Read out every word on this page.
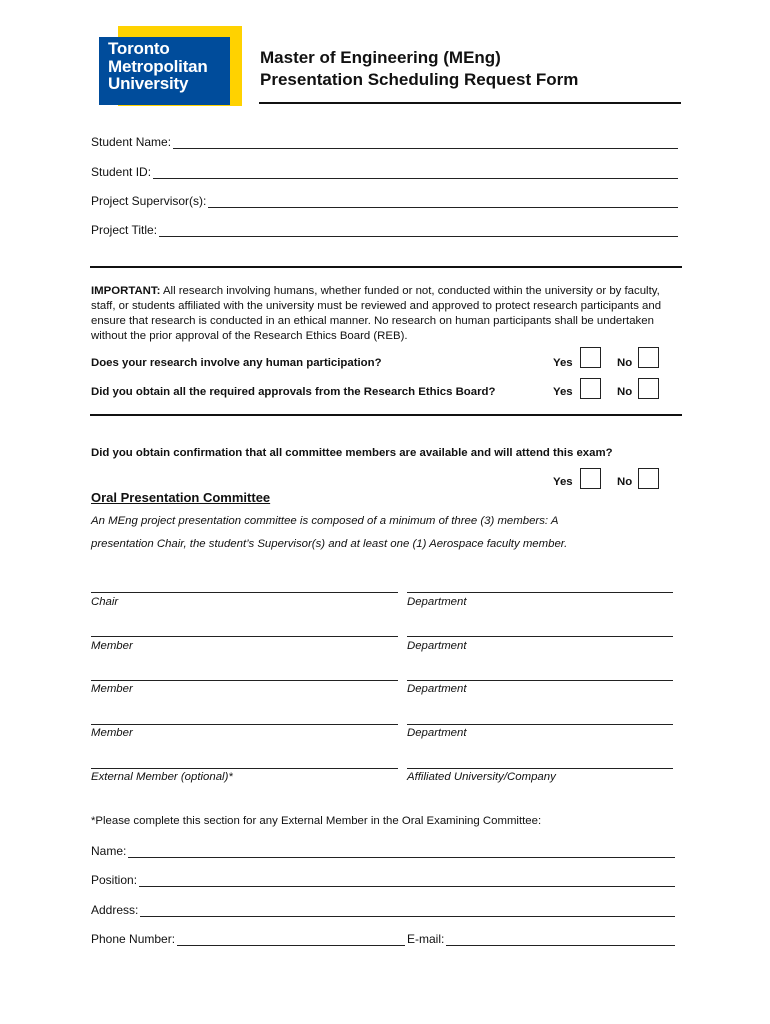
Toronto
Metropolitan
University
Master of Engineering (MEng)
Presentation Scheduling Request Form
Student Name:
Student ID:
Project Supervisor(s):
Project Title:
IMPORTANT: All research involving humans, whether funded or not, conducted within the university or by faculty, staff, or students affiliated with the university must be reviewed and approved to protect research participants and ensure that research is conducted in an ethical manner. No research on human participants shall be undertaken without the prior approval of the Research Ethics Board (REB).
Does your research involve any human participation?	Yes	No
Did you obtain all the required approvals from the Research Ethics Board?	Yes	No
Did you obtain confirmation that all committee members are available and will attend this exam?
Yes	No
Oral Presentation Committee
An MEng project presentation committee is composed of a minimum of three (3) members: A
presentation Chair, the student’s Supervisor(s) and at least one (1) Aerospace faculty member.
Chair	Department
Member	Department
Member	Department
Member	Department
External Member (optional)*	Affiliated University/Company
*Please complete this section for any External Member in the Oral Examining Committee:
Name:
Position:
Address:
Phone Number:	E-mail:
